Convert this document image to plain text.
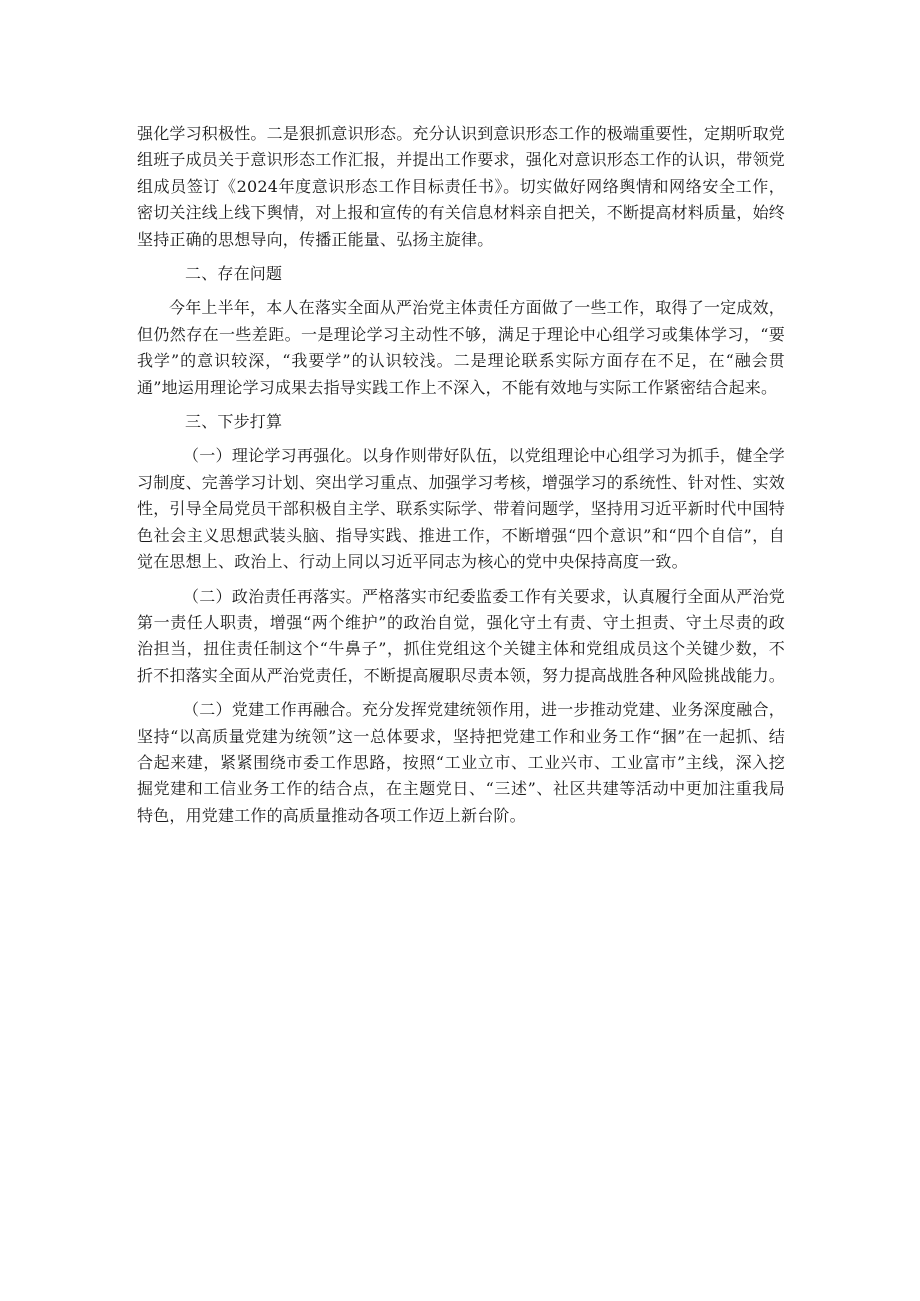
强化学习积极性。二是狠抓意识形态。充分认识到意识形态工作的极端重要性，定期听取党组班子成员关于意识形态工作汇报，并提出工作要求，强化对意识形态工作的认识，带领党组成员签订《2024年度意识形态工作目标责任书》。切实做好网络舆情和网络安全工作，密切关注线上线下舆情，对上报和宣传的有关信息材料亲自把关，不断提高材料质量，始终坚持正确的思想导向，传播正能量、弘扬主旋律。

二、存在问题

今年上半年，本人在落实全面从严治党主体责任方面做了一些工作，取得了一定成效，但仍然存在一些差距。一是理论学习主动性不够，满足于理论中心组学习或集体学习，“要我学”的意识较深，“我要学”的认识较浅。二是理论联系实际方面存在不足，在“融会贯通”地运用理论学习成果去指导实践工作上不深入，不能有效地与实际工作紧密结合起来。

三、下步打算

（一）理论学习再强化。以身作则带好队伍，以党组理论中心组学习为抓手，健全学习制度、完善学习计划、突出学习重点、加强学习考核，增强学习的系统性、针对性、实效性，引导全局党员干部积极自主学、联系实际学、带着问题学，坚持用习近平新时代中国特色社会主义思想武装头脑、指导实践、推进工作，不断增强“四个意识”和“四个自信”，自觉在思想上、政治上、行动上同以习近平同志为核心的党中央保持高度一致。

（二）政治责任再落实。严格落实市纪委监委工作有关要求，认真履行全面从严治党第一责任人职责，增强“两个维护”的政治自觉，强化守土有责、守土担责、守土尽责的政治担当，扭住责任制这个“牛鼻子”，抓住党组这个关键主体和党组成员这个关键少数，不折不扣落实全面从严治党责任，不断提高履职尽责本领，努力提高战胜各种风险挑战能力。

（二）党建工作再融合。充分发挥党建统领作用，进一步推动党建、业务深度融合，坚持“以高质量党建为统领”这一总体要求，坚持把党建工作和业务工作“捆”在一起抓、结合起来建，紧紧围绕市委工作思路，按照“工业立市、工业兴市、工业富市”主线，深入挖掘党建和工信业务工作的结合点，在主题党日、“三述”、社区共建等活动中更加注重我局特色，用党建工作的高质量推动各项工作迈上新台阶。
